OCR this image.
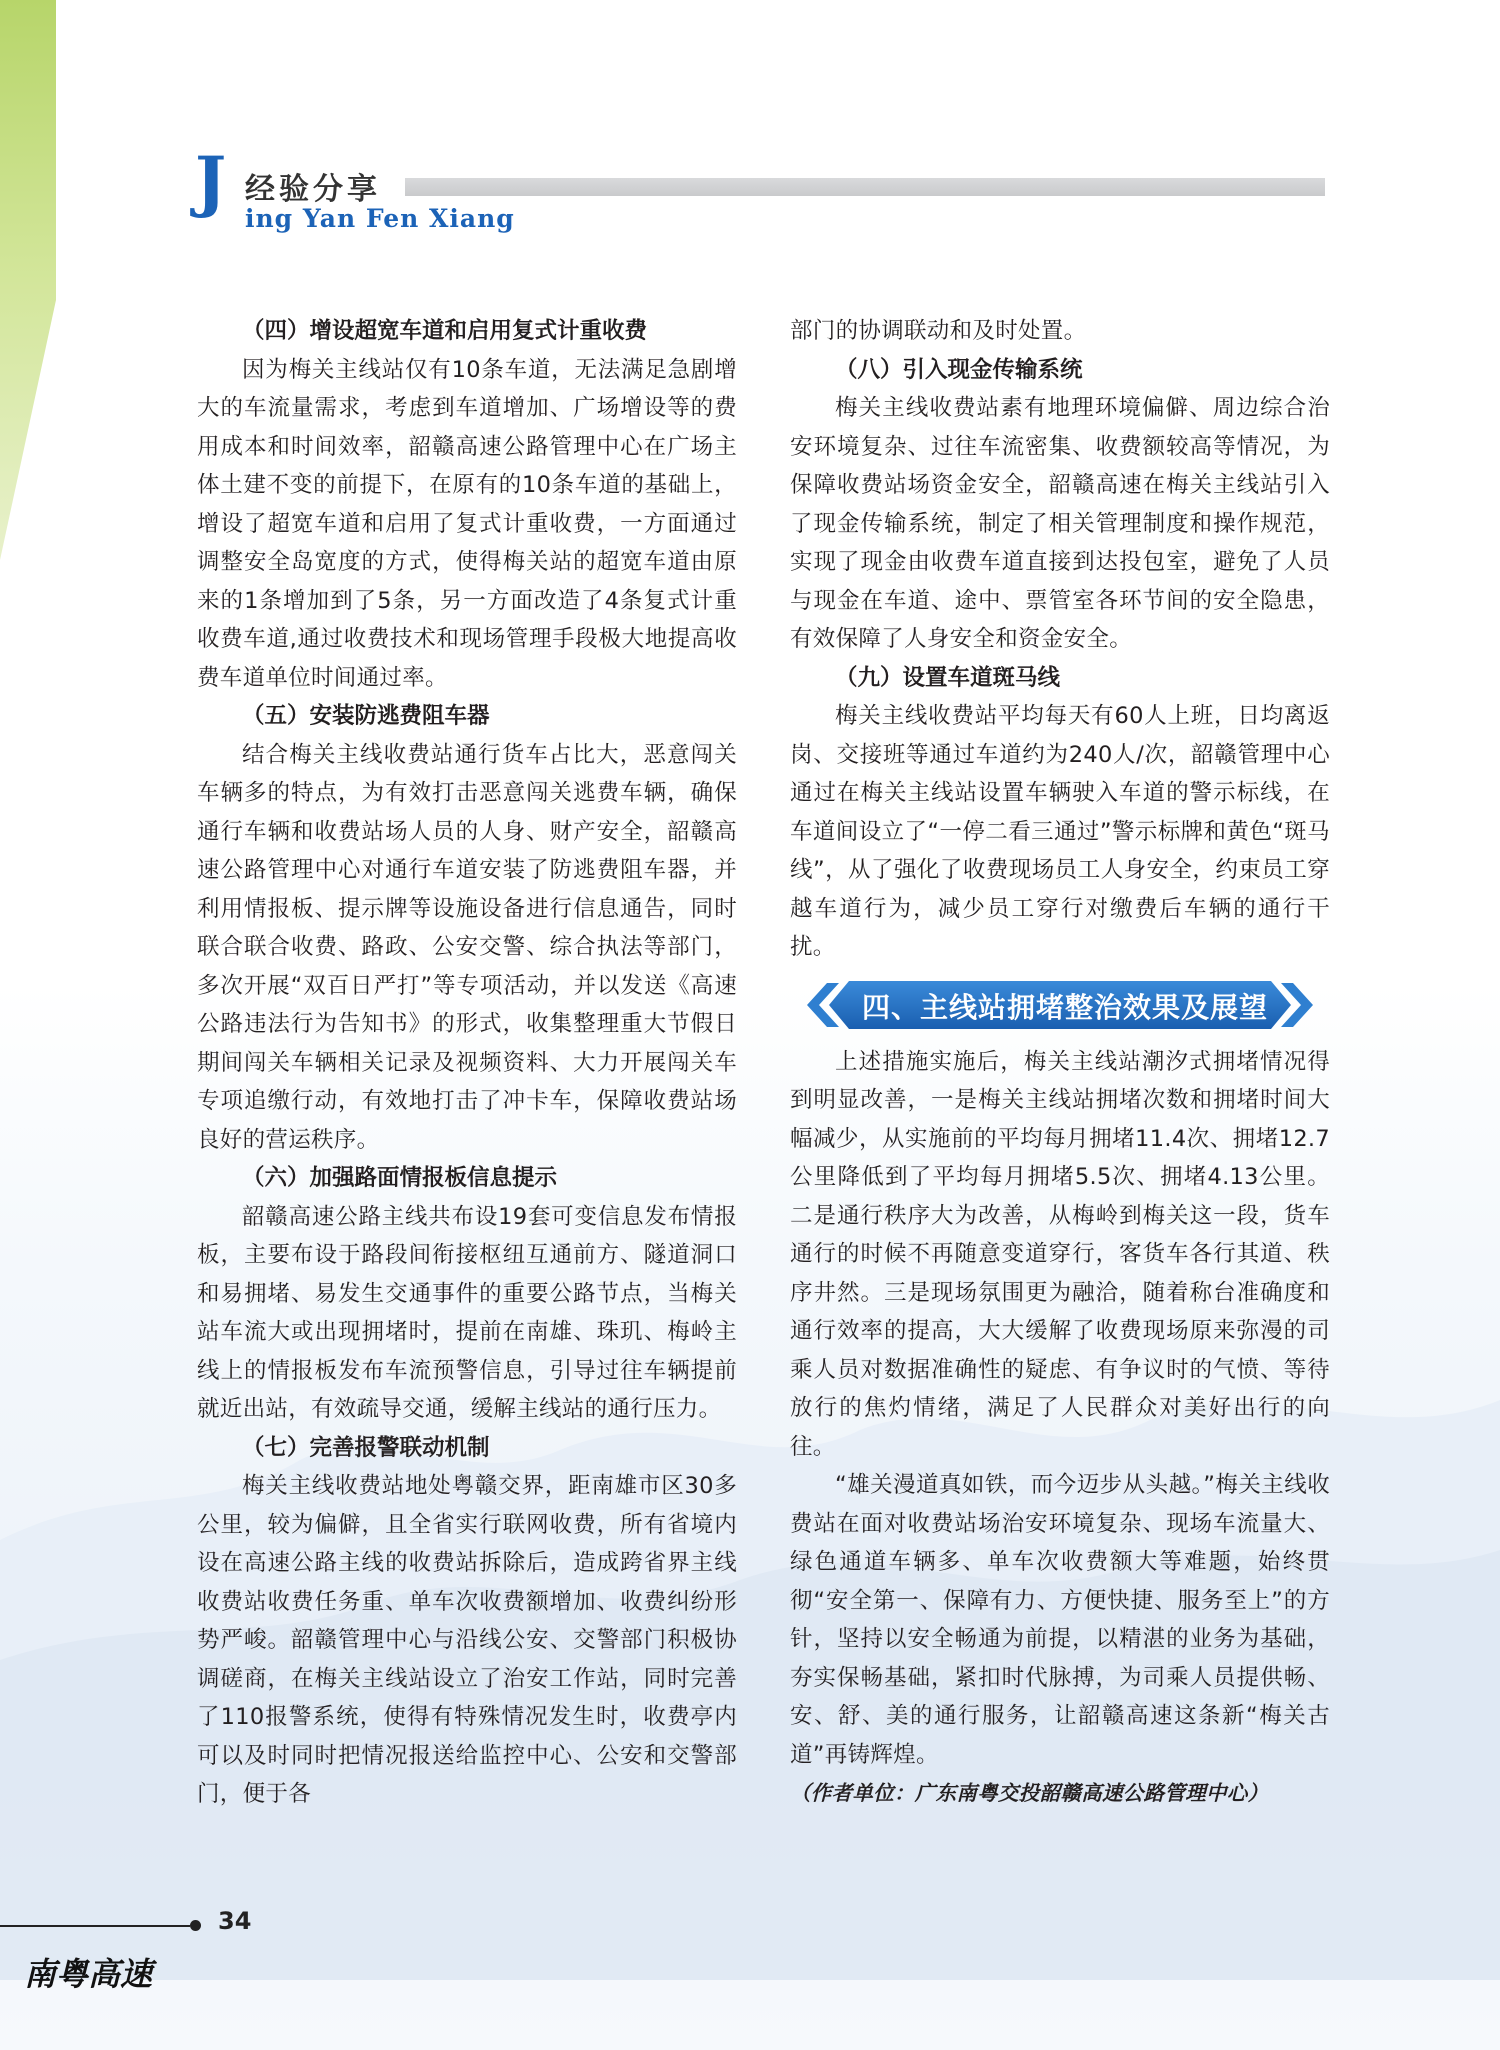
J 经验分享
ing Yan Fen Xiang
（四）增设超宽车道和启用复式计重收费

因为梅关主线站仅有10条车道，无法满足急剧增大的车流量需求，考虑到车道增加、广场增设等的费用成本和时间效率，韶赣高速公路管理中心在广场主体土建不变的前提下，在原有的10条车道的基础上，增设了超宽车道和启用了复式计重收费，一方面通过调整安全岛宽度的方式，使得梅关站的超宽车道由原来的1条增加到了5条，另一方面改造了4条复式计重收费车道,通过收费技术和现场管理手段极大地提高收费车道单位时间通过率。

（五）安装防逃费阻车器

结合梅关主线收费站通行货车占比大，恶意闯关车辆多的特点，为有效打击恶意闯关逃费车辆，确保通行车辆和收费站场人员的人身、财产安全，韶赣高速公路管理中心对通行车道安装了防逃费阻车器，并利用情报板、提示牌等设施设备进行信息通告，同时联合联合收费、路政、公安交警、综合执法等部门，多次开展“双百日严打”等专项活动，并以发送《高速公路违法行为告知书》的形式，收集整理重大节假日期间闯关车辆相关记录及视频资料、大力开展闯关车专项追缴行动，有效地打击了冲卡车，保障收费站场良好的营运秩序。

（六）加强路面情报板信息提示

韶赣高速公路主线共布设19套可变信息发布情报板，主要布设于路段间衔接枢纽互通前方、隧道洞口和易拥堵、易发生交通事件的重要公路节点，当梅关站车流大或出现拥堵时，提前在南雄、珠玑、梅岭主线上的情报板发布车流预警信息，引导过往车辆提前就近出站，有效疏导交通，缓解主线站的通行压力。

（七）完善报警联动机制

梅关主线收费站地处粤赣交界，距南雄市区30多公里，较为偏僻，且全省实行联网收费，所有省境内设在高速公路主线的收费站拆除后，造成跨省界主线收费站收费任务重、单车次收费额增加、收费纠纷形势严峻。韶赣管理中心与沿线公安、交警部门积极协调磋商，在梅关主线站设立了治安工作站，同时完善了110报警系统，使得有特殊情况发生时，收费亭内可以及时同时把情况报送给监控中心、公安和交警部门，便于各

部门的协调联动和及时处置。

（八）引入现金传输系统

梅关主线收费站素有地理环境偏僻、周边综合治安环境复杂、过往车流密集、收费额较高等情况，为保障收费站场资金安全，韶赣高速在梅关主线站引入了现金传输系统，制定了相关管理制度和操作规范，实现了现金由收费车道直接到达投包室，避免了人员与现金在车道、途中、票管室各环节间的安全隐患，有效保障了人身安全和资金安全。

（九）设置车道斑马线

梅关主线收费站平均每天有60人上班，日均离返岗、交接班等通过车道约为240人/次，韶赣管理中心通过在梅关主线站设置车辆驶入车道的警示标线，在车道间设立了“一停二看三通过”警示标牌和黄色“斑马线”，从了强化了收费现场员工人身安全，约束员工穿越车道行为，减少员工穿行对缴费后车辆的通行干扰。

四、主线站拥堵整治效果及展望

上述措施实施后，梅关主线站潮汐式拥堵情况得到明显改善，一是梅关主线站拥堵次数和拥堵时间大幅减少，从实施前的平均每月拥堵11.4次、拥堵12.7公里降低到了平均每月拥堵5.5次、拥堵4.13公里。二是通行秩序大为改善，从梅岭到梅关这一段，货车通行的时候不再随意变道穿行，客货车各行其道、秩序井然。三是现场氛围更为融洽，随着称台准确度和通行效率的提高，大大缓解了收费现场原来弥漫的司乘人员对数据准确性的疑虑、有争议时的气愤、等待放行的焦灼情绪，满足了人民群众对美好出行的向往。

“雄关漫道真如铁，而今迈步从头越。”梅关主线收费站在面对收费站场治安环境复杂、现场车流量大、绿色通道车辆多、单车次收费额大等难题，始终贯彻“安全第一、保障有力、方便快捷、服务至上”的方针，坚持以安全畅通为前提，以精湛的业务为基础，夯实保畅基础，紧扣时代脉搏，为司乘人员提供畅、安、舒、美的通行服务，让韶赣高速这条新“梅关古道”再铸辉煌。

（作者单位：广东南粤交投韶赣高速公路管理中心）

34
南粤高速
